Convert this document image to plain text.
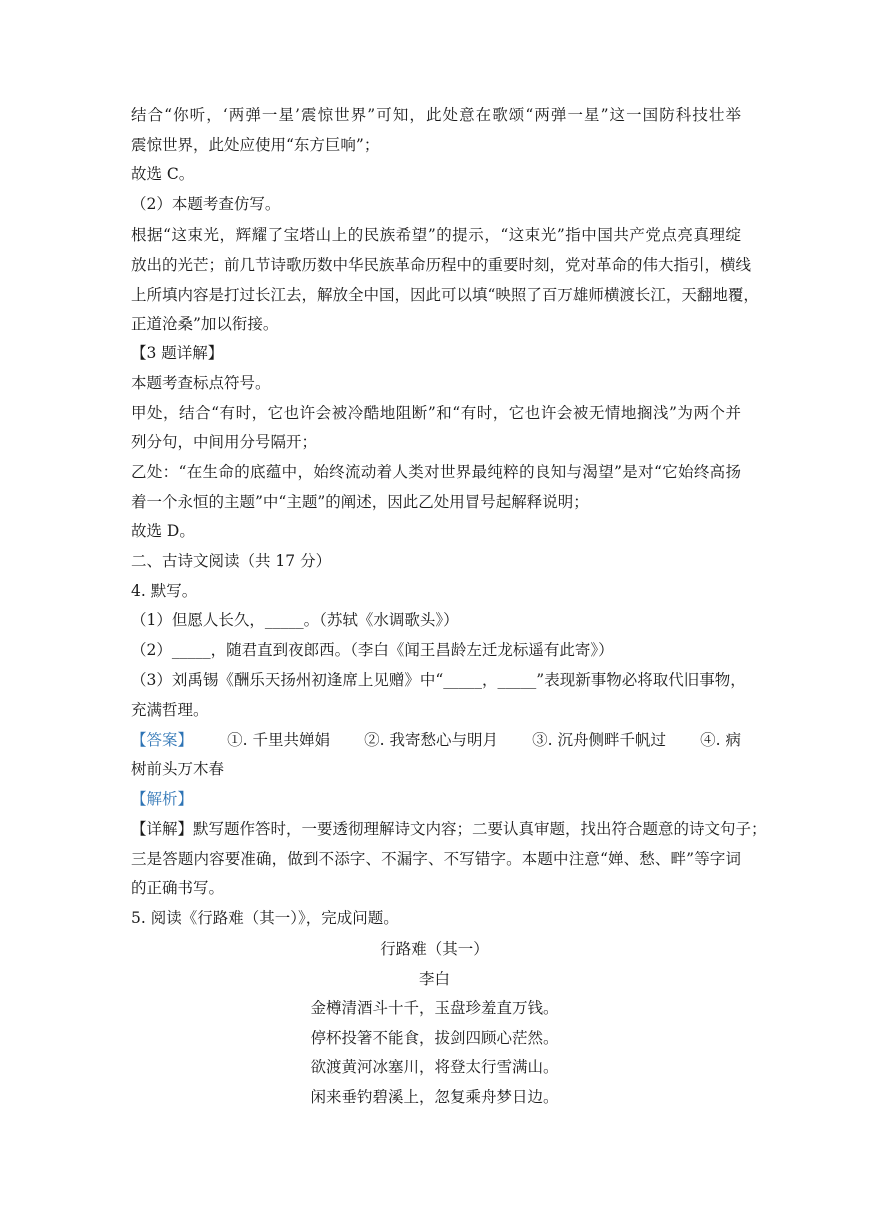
结合“你听，‘两弹一星’震惊世界”可知，此处意在歌颂“两弹一星”这一国防科技壮举
震惊世界，此处应使用“东方巨响”；
故选 C。
（2）本题考查仿写。
根据“这束光，辉耀了宝塔山上的民族希望”的提示，“这束光”指中国共产党点亮真理绽
放出的光芒；前几节诗歌历数中华民族革命历程中的重要时刻，党对革命的伟大指引，横线
上所填内容是打过长江去，解放全中国，因此可以填“映照了百万雄师横渡长江，天翻地覆，
正道沧桑”加以衔接。
【3 题详解】
本题考查标点符号。
甲处，结合“有时，它也许会被冷酷地阻断”和“有时，它也许会被无情地搁浅”为两个并
列分句，中间用分号隔开；
乙处：“在生命的底蕴中，始终流动着人类对世界最纯粹的良知与渴望”是对“它始终高扬
着一个永恒的主题”中“主题”的阐述，因此乙处用冒号起解释说明；
故选 D。
二、古诗文阅读（共 17 分）
4. 默写。
（1）但愿人长久，_____。（苏轼《水调歌头》）
（2）_____，随君直到夜郎西。（李白《闻王昌龄左迁龙标遥有此寄》）
（3）刘禹锡《酬乐天扬州初逢席上见赠》中“_____，_____”表现新事物必将取代旧事物，
充满哲理。
【答案】 ①. 千里共婵娟 ②. 我寄愁心与明月 ③. 沉舟侧畔千帆过 ④. 病
树前头万木春
【解析】
【详解】默写题作答时，一要透彻理解诗文内容；二要认真审题，找出符合题意的诗文句子；
三是答题内容要准确，做到不添字、不漏字、不写错字。本题中注意“婵、愁、畔”等字词
的正确书写。
5. 阅读《行路难（其一）》，完成问题。
行路难（其一）
李白
金樽清酒斗十千，玉盘珍羞直万钱。
停杯投箸不能食，拔剑四顾心茫然。
欲渡黄河冰塞川，将登太行雪满山。
闲来垂钓碧溪上，忽复乘舟梦日边。
